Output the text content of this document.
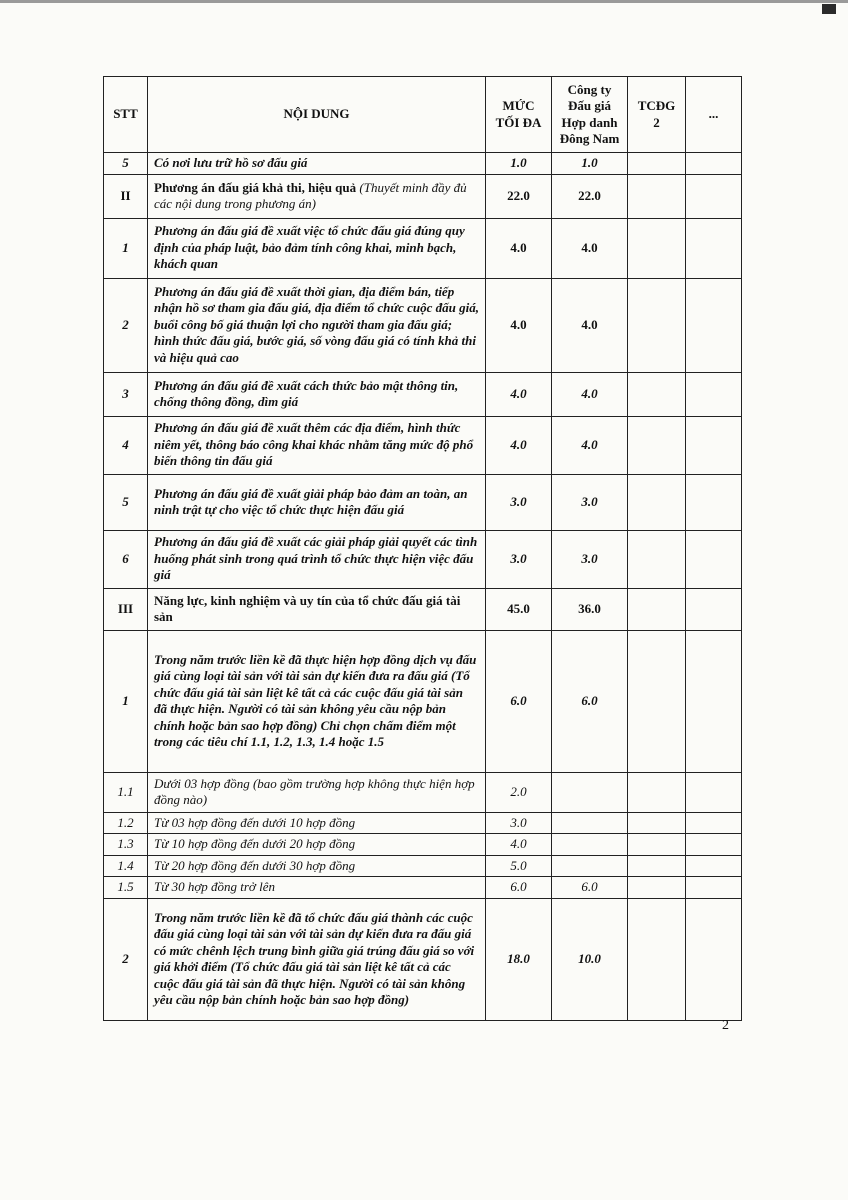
STT	NỘI DUNG	MỨC TỐI ĐA	Công ty Đấu giá Hợp danh Đông Nam	TCĐG 2	...
5	Có nơi lưu trữ hồ sơ đấu giá	1.0	1.0		
II	Phương án đấu giá khả thi, hiệu quả (Thuyết minh đầy đủ các nội dung trong phương án)	22.0	22.0		
1	Phương án đấu giá đề xuất việc tổ chức đấu giá đúng quy định của pháp luật, bảo đảm tính công khai, minh bạch, khách quan	4.0	4.0		
2	Phương án đấu giá đề xuất thời gian, địa điểm bán, tiếp nhận hồ sơ tham gia đấu giá, địa điểm tổ chức cuộc đấu giá, buổi công bố giá thuận lợi cho người tham gia đấu giá; hình thức đấu giá, bước giá, số vòng đấu giá có tính khả thi và hiệu quả cao	4.0	4.0		
3	Phương án đấu giá đề xuất cách thức bảo mật thông tin, chống thông đồng, dìm giá	4.0	4.0		
4	Phương án đấu giá đề xuất thêm các địa điểm, hình thức niêm yết, thông báo công khai khác nhằm tăng mức độ phổ biến thông tin đấu giá	4.0	4.0		
5	Phương án đấu giá đề xuất giải pháp bảo đảm an toàn, an ninh trật tự cho việc tổ chức thực hiện đấu giá	3.0	3.0		
6	Phương án đấu giá đề xuất các giải pháp giải quyết các tình huống phát sinh trong quá trình tổ chức thực hiện việc đấu giá	3.0	3.0		
III	Năng lực, kinh nghiệm và uy tín của tổ chức đấu giá tài sản	45.0	36.0		
1	Trong năm trước liền kề đã thực hiện hợp đồng dịch vụ đấu giá cùng loại tài sản với tài sản dự kiến đưa ra đấu giá (Tổ chức đấu giá tài sản liệt kê tất cả các cuộc đấu giá tài sản đã thực hiện. Người có tài sản không yêu cầu nộp bản chính hoặc bản sao hợp đồng) Chỉ chọn chấm điểm một trong các tiêu chí 1.1, 1.2, 1.3, 1.4 hoặc 1.5	6.0	6.0		
1.1	Dưới 03 hợp đồng (bao gồm trường hợp không thực hiện hợp đồng nào)	2.0			
1.2	Từ 03 hợp đồng đến dưới 10 hợp đồng	3.0			
1.3	Từ 10 hợp đồng đến dưới 20 hợp đồng	4.0			
1.4	Từ 20 hợp đồng đến dưới 30 hợp đồng	5.0			
1.5	Từ 30 hợp đồng trở lên	6.0	6.0		
2	Trong năm trước liền kề đã tổ chức đấu giá thành các cuộc đấu giá cùng loại tài sản với tài sản dự kiến đưa ra đấu giá có mức chênh lệch trung bình giữa giá trúng đấu giá so với giá khởi điểm (Tổ chức đấu giá tài sản liệt kê tất cả các cuộc đấu giá tài sản đã thực hiện. Người có tài sản không yêu cầu nộp bản chính hoặc bản sao hợp đồng)	18.0	10.0		
2
